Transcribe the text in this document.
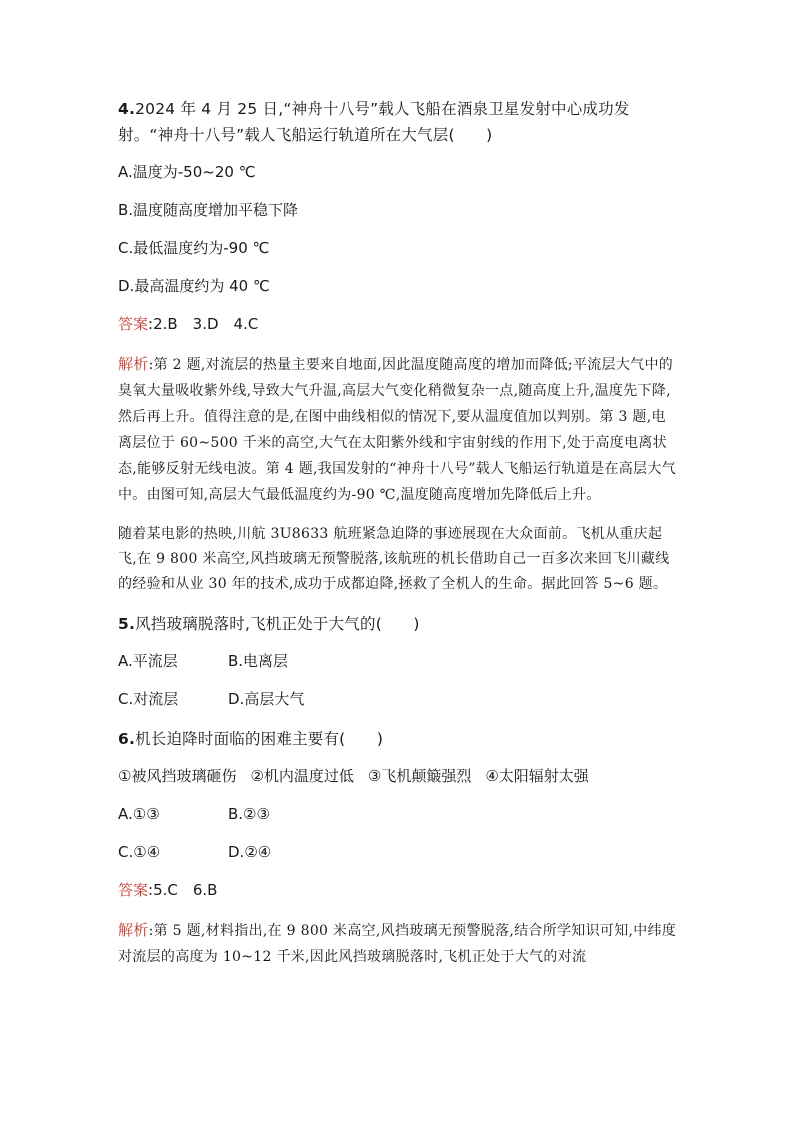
4.2024 年 4 月 25 日,“神舟十八号”载人飞船在酒泉卫星发射中心成功发射。“神舟十八号”载人飞船运行轨道所在大气层(　　)
A.温度为-50~20 ℃
B.温度随高度增加平稳下降
C.最低温度约为-90 ℃
D.最高温度约为 40 ℃
答案:2.B　3.D　4.C
解析:第 2 题,对流层的热量主要来自地面,因此温度随高度的增加而降低;平流层大气中的臭氧大量吸收紫外线,导致大气升温,高层大气变化稍微复杂一点,随高度上升,温度先下降,然后再上升。值得注意的是,在图中曲线相似的情况下,要从温度值加以判别。第 3 题,电离层位于 60~500 千米的高空,大气在太阳紫外线和宇宙射线的作用下,处于高度电离状态,能够反射无线电波。第 4 题,我国发射的“神舟十八号”载人飞船运行轨道是在高层大气中。由图可知,高层大气最低温度约为-90 ℃,温度随高度增加先降低后上升。
随着某电影的热映,川航 3U8633 航班紧急迫降的事迹展现在大众面前。飞机从重庆起飞,在 9 800 米高空,风挡玻璃无预警脱落,该航班的机长借助自己一百多次来回飞川藏线的经验和从业 30 年的技术,成功于成都迫降,拯救了全机人的生命。据此回答 5~6 题。
5.风挡玻璃脱落时,飞机正处于大气的(　　)
A.平流层	B.电离层
C.对流层	D.高层大气
6.机长迫降时面临的困难主要有(　　)
①被风挡玻璃砸伤 ②机内温度过低 ③飞机颠簸强烈 ④太阳辐射太强
A.①③	B.②③
C.①④	D.②④
答案:5.C　6.B
解析:第 5 题,材料指出,在 9 800 米高空,风挡玻璃无预警脱落,结合所学知识可知,中纬度对流层的高度为 10~12 千米,因此风挡玻璃脱落时,飞机正处于大气的对流
